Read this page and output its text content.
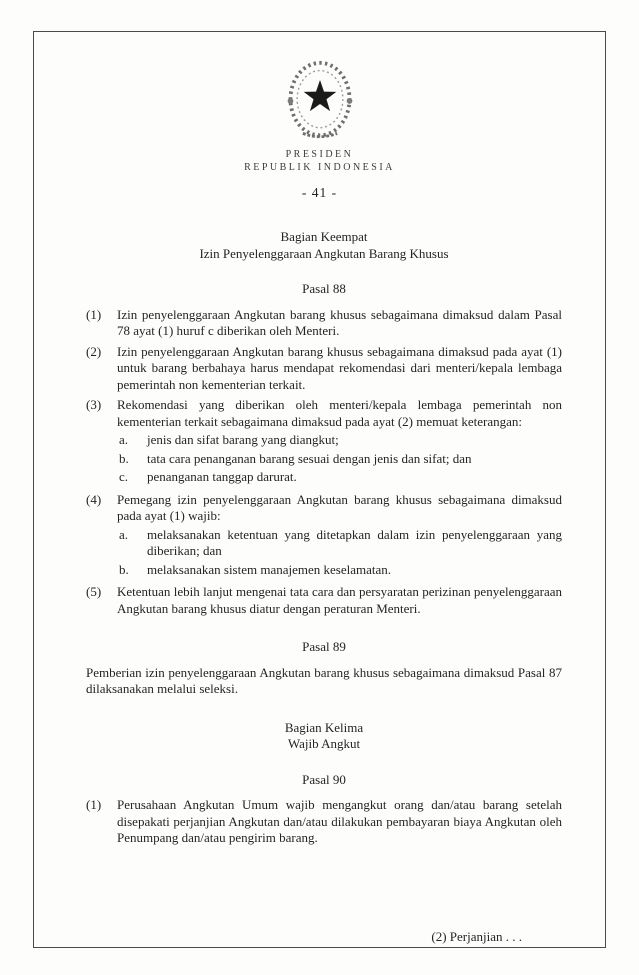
PRESIDEN
REPUBLIK INDONESIA
- 41 -
Bagian Keempat
Izin Penyelenggaraan Angkutan Barang Khusus
Pasal 88
(1)	Izin penyelenggaraan Angkutan barang khusus sebagaimana dimaksud dalam Pasal 78 ayat (1) huruf c diberikan oleh Menteri.
(2)	Izin penyelenggaraan Angkutan barang khusus sebagaimana dimaksud pada ayat (1) untuk barang berbahaya harus mendapat rekomendasi dari menteri/kepala lembaga pemerintah non kementerian terkait.
(3)	Rekomendasi yang diberikan oleh menteri/kepala lembaga pemerintah non kementerian terkait sebagaimana dimaksud pada ayat (2) memuat keterangan:
a.	jenis dan sifat barang yang diangkut;
b.	tata cara penanganan barang sesuai dengan jenis dan sifat; dan
c.	penanganan tanggap darurat.
(4)	Pemegang izin penyelenggaraan Angkutan barang khusus sebagaimana dimaksud pada ayat (1) wajib:
a.	melaksanakan ketentuan yang ditetapkan dalam izin penyelenggaraan yang diberikan; dan
b.	melaksanakan sistem manajemen keselamatan.
(5)	Ketentuan lebih lanjut mengenai tata cara dan persyaratan perizinan penyelenggaraan Angkutan barang khusus diatur dengan peraturan Menteri.
Pasal 89
Pemberian izin penyelenggaraan Angkutan barang khusus sebagaimana dimaksud Pasal 87 dilaksanakan melalui seleksi.
Bagian Kelima
Wajib Angkut
Pasal 90
(1)	Perusahaan Angkutan Umum wajib mengangkut orang dan/atau barang setelah disepakati perjanjian Angkutan dan/atau dilakukan pembayaran biaya Angkutan oleh Penumpang dan/atau pengirim barang.
(2) Perjanjian . . .
